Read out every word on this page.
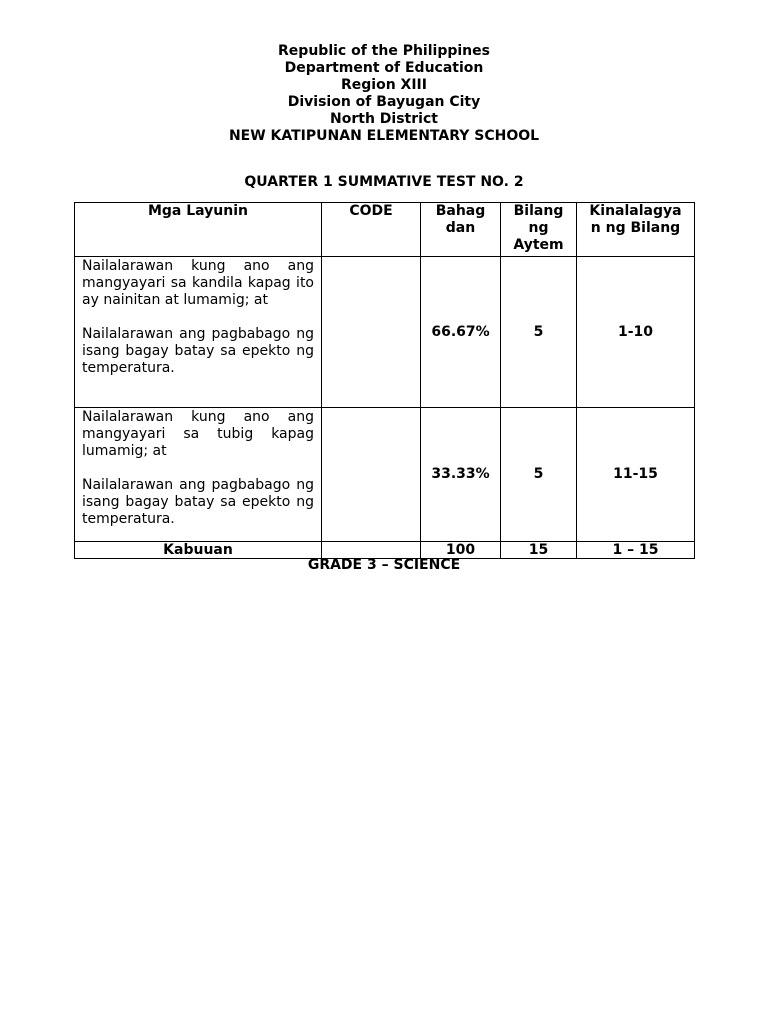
Republic of the Philippines
Department of Education
Region XIII
Division of Bayugan City
North District
NEW KATIPUNAN ELEMENTARY SCHOOL
QUARTER 1 SUMMATIVE TEST NO. 2
Mga Layunin	CODE	Bahag dan	Bilang ng Aytem	Kinalalagya n ng Bilang

Nailalarawan kung ano ang mangyayari sa kandila kapag ito ay nainitan at lumamig; at

Nailalarawan ang pagbabago ng isang bagay batay sa epekto ng temperatura.		66.67%	5	1-10

Nailalarawan kung ano ang mangyayari sa tubig kapag lumamig; at

Nailalarawan ang pagbabago ng isang bagay batay sa epekto ng temperatura.		33.33%	5	11-15
Kabuuan		100	15	1 – 15
GRADE 3 – SCIENCE
